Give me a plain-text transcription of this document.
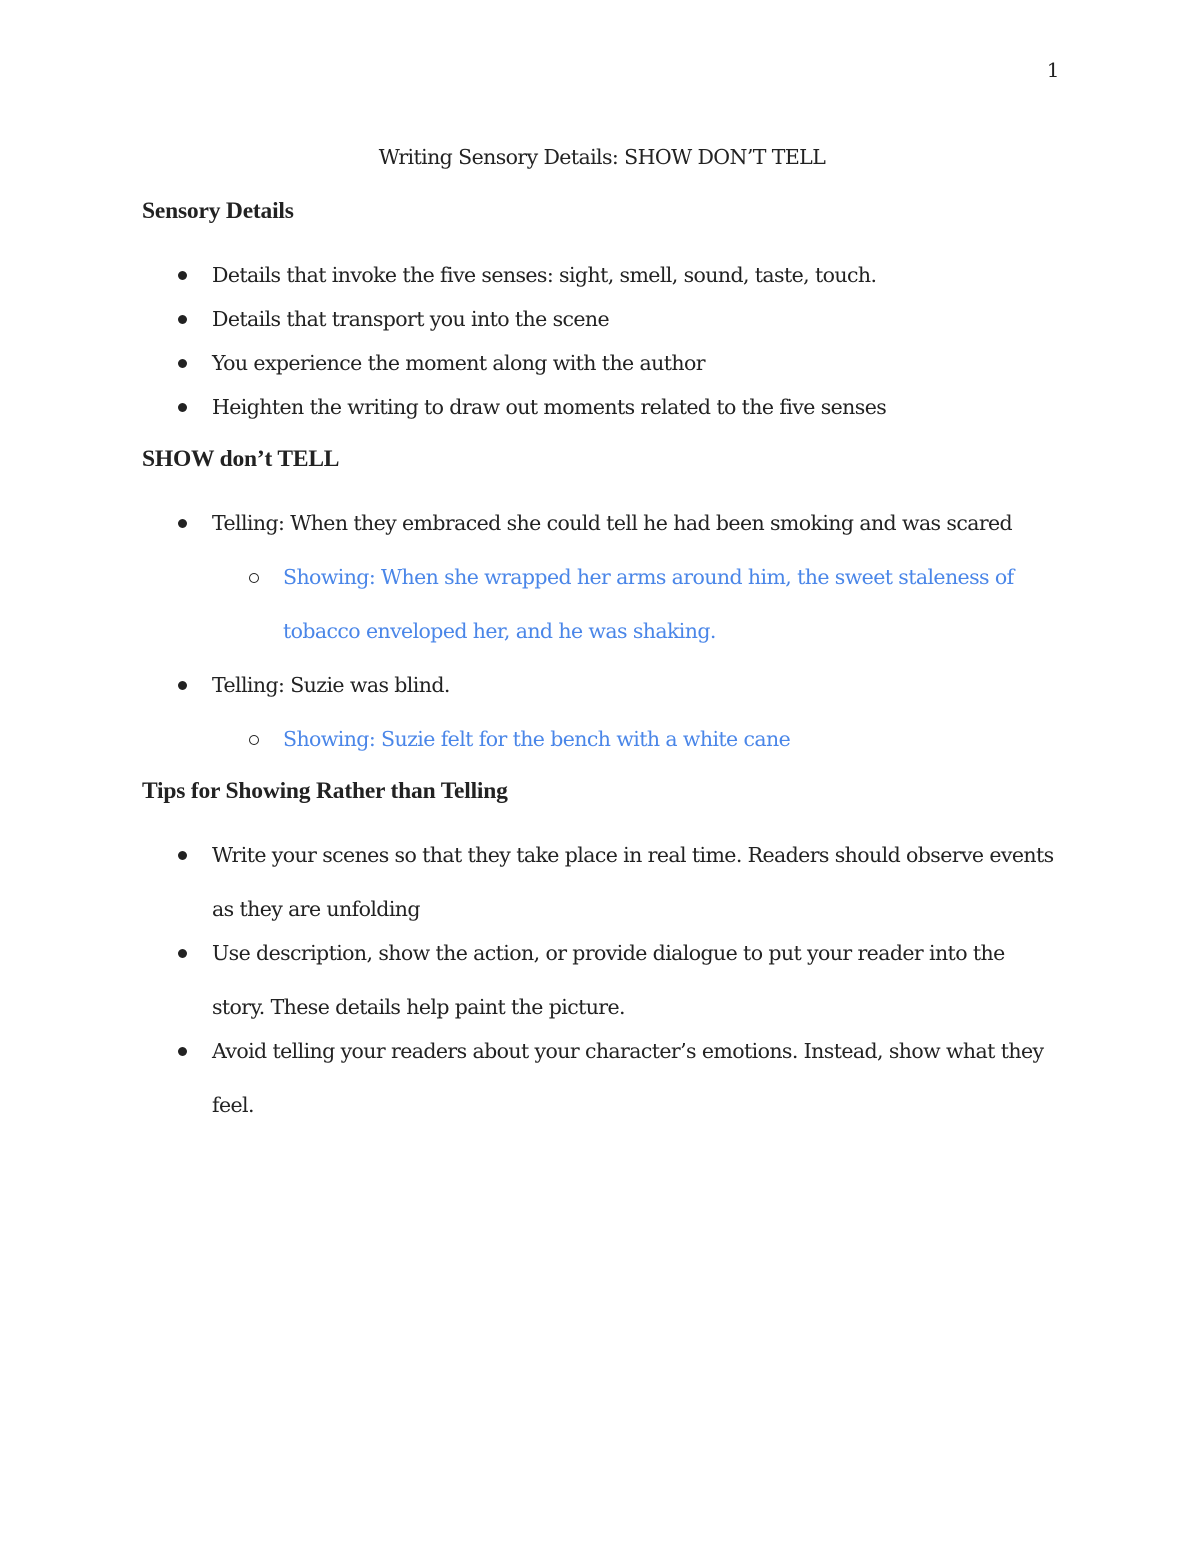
1
Writing Sensory Details: SHOW DON’T TELL
Sensory Details
Details that invoke the five senses: sight, smell, sound, taste, touch.
Details that transport you into the scene
You experience the moment along with the author
Heighten the writing to draw out moments related to the five senses
SHOW don’t TELL
Telling: When they embraced she could tell he had been smoking and was scared
Showing: When she wrapped her arms around him, the sweet staleness of tobacco enveloped her, and he was shaking.
Telling: Suzie was blind.
Showing: Suzie felt for the bench with a white cane
Tips for Showing Rather than Telling
Write your scenes so that they take place in real time. Readers should observe events as they are unfolding
Use description, show the action, or provide dialogue to put your reader into the story. These details help paint the picture.
Avoid telling your readers about your character’s emotions. Instead, show what they feel.
